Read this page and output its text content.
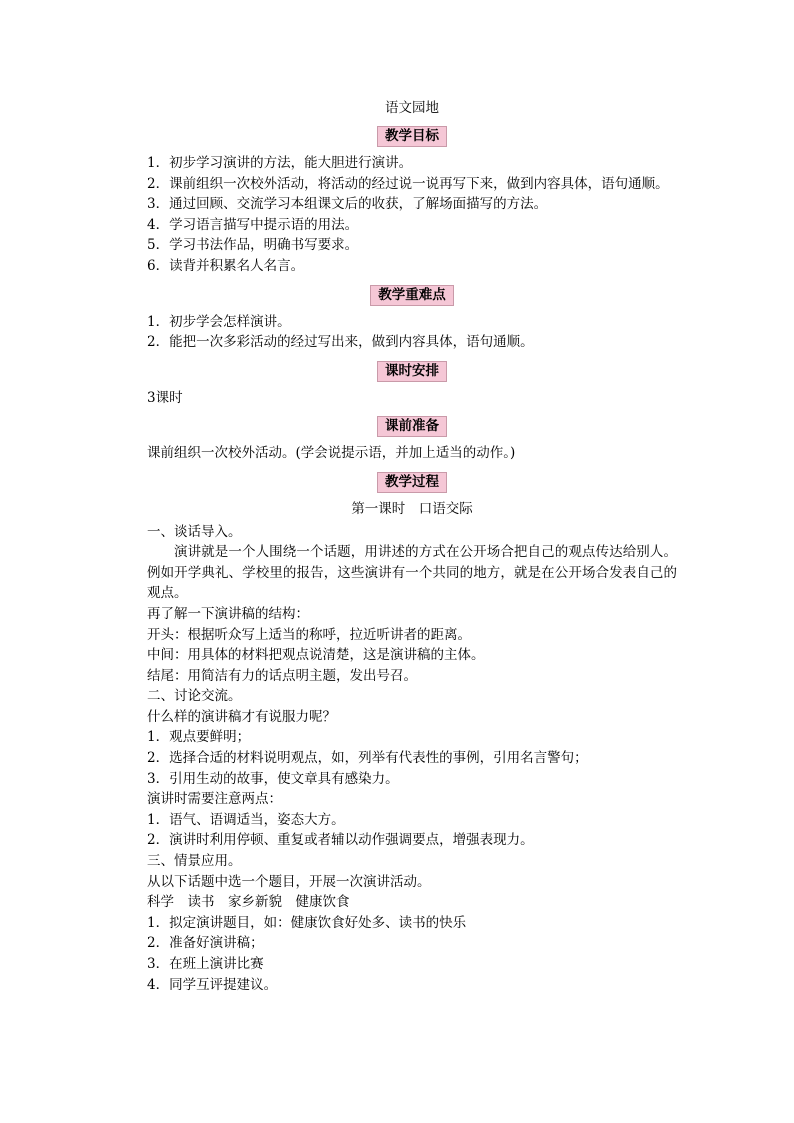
语文园地
教学目标
1．初步学习演讲的方法，能大胆进行演讲。
2．课前组织一次校外活动，将活动的经过说一说再写下来，做到内容具体，语句通顺。
3．通过回顾、交流学习本组课文后的收获，了解场面描写的方法。
4．学习语言描写中提示语的用法。
5．学习书法作品，明确书写要求。
6．读背并积累名人名言。
教学重难点
1．初步学会怎样演讲。
2．能把一次多彩活动的经过写出来，做到内容具体，语句通顺。
课时安排
3课时
课前准备
课前组织一次校外活动。(学会说提示语，并加上适当的动作。)
教学过程
第一课时　口语交际
一、谈话导入。
演讲就是一个人围绕一个话题，用讲述的方式在公开场合把自己的观点传达给别人。例如开学典礼、学校里的报告，这些演讲有一个共同的地方，就是在公开场合发表自己的观点。
再了解一下演讲稿的结构：
开头：根据听众写上适当的称呼，拉近听讲者的距离。
中间：用具体的材料把观点说清楚，这是演讲稿的主体。
结尾：用简洁有力的话点明主题，发出号召。
二、讨论交流。
什么样的演讲稿才有说服力呢？
1．观点要鲜明；
2．选择合适的材料说明观点，如，列举有代表性的事例，引用名言警句；
3．引用生动的故事，使文章具有感染力。
演讲时需要注意两点：
1．语气、语调适当，姿态大方。
2．演讲时利用停顿、重复或者辅以动作强调要点，增强表现力。
三、情景应用。
从以下话题中选一个题目，开展一次演讲活动。
科学　读书　家乡新貌　健康饮食
1．拟定演讲题目，如：健康饮食好处多、读书的快乐
2．准备好演讲稿；
3．在班上演讲比赛
4．同学互评提建议。
